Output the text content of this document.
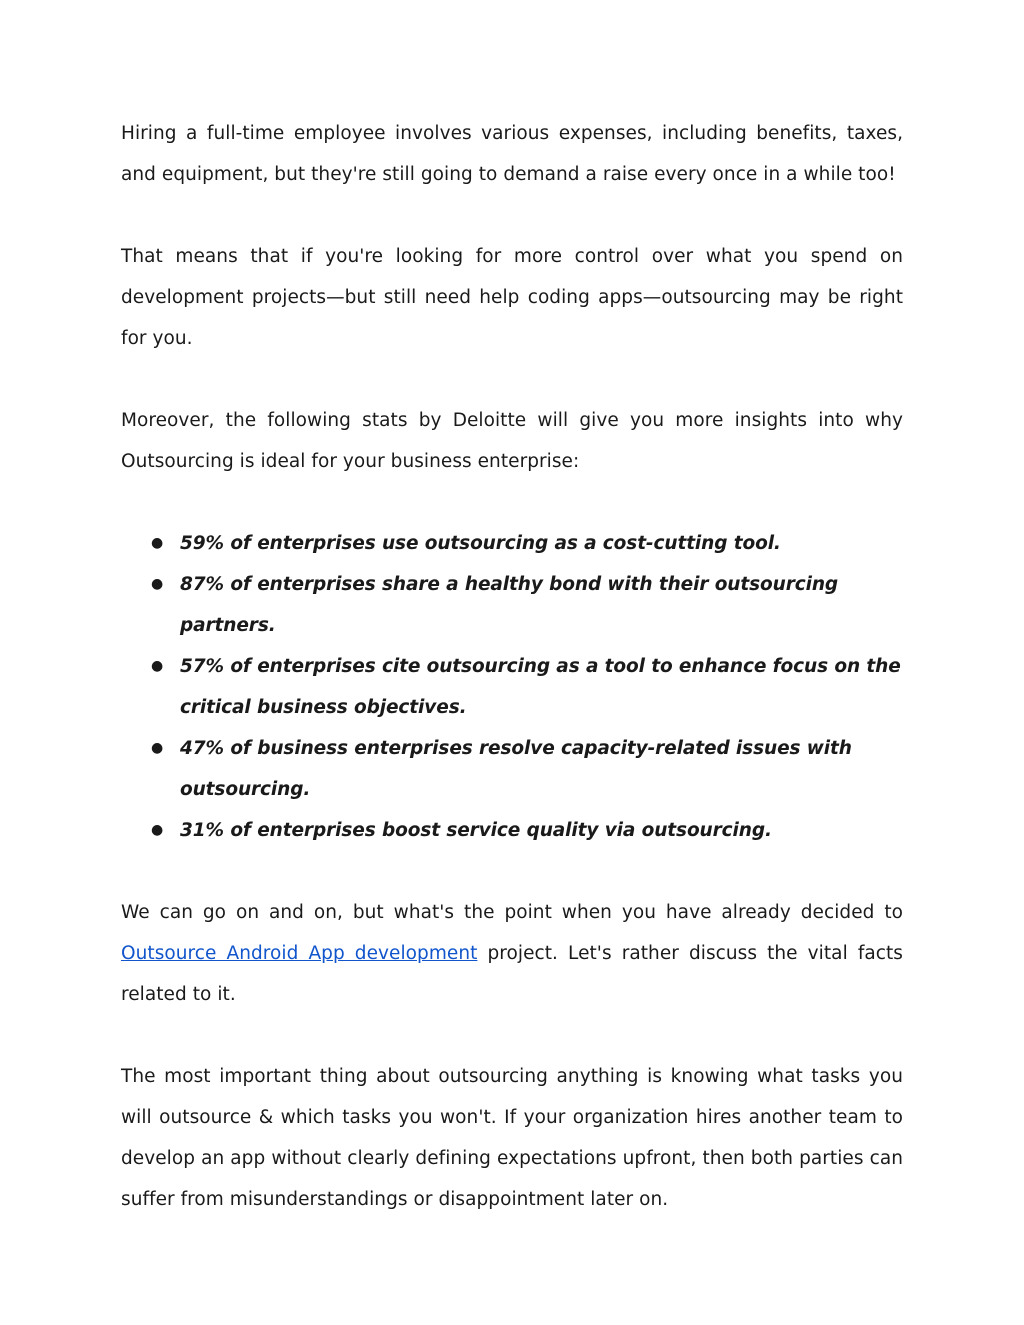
Hiring a full-time employee involves various expenses, including benefits, taxes, and equipment, but they're still going to demand a raise every once in a while too!

That means that if you're looking for more control over what you spend on development projects—but still need help coding apps—outsourcing may be right for you.

Moreover, the following stats by Deloitte will give you more insights into why Outsourcing is ideal for your business enterprise:

● 59% of enterprises use outsourcing as a cost-cutting tool.
● 87% of enterprises share a healthy bond with their outsourcing partners.
● 57% of enterprises cite outsourcing as a tool to enhance focus on the critical business objectives.
● 47% of business enterprises resolve capacity-related issues with outsourcing.
● 31% of enterprises boost service quality via outsourcing.

We can go on and on, but what's the point when you have already decided to Outsource Android App development project. Let's rather discuss the vital facts related to it.

The most important thing about outsourcing anything is knowing what tasks you will outsource & which tasks you won't. If your organization hires another team to develop an app without clearly defining expectations upfront, then both parties can suffer from misunderstandings or disappointment later on.
